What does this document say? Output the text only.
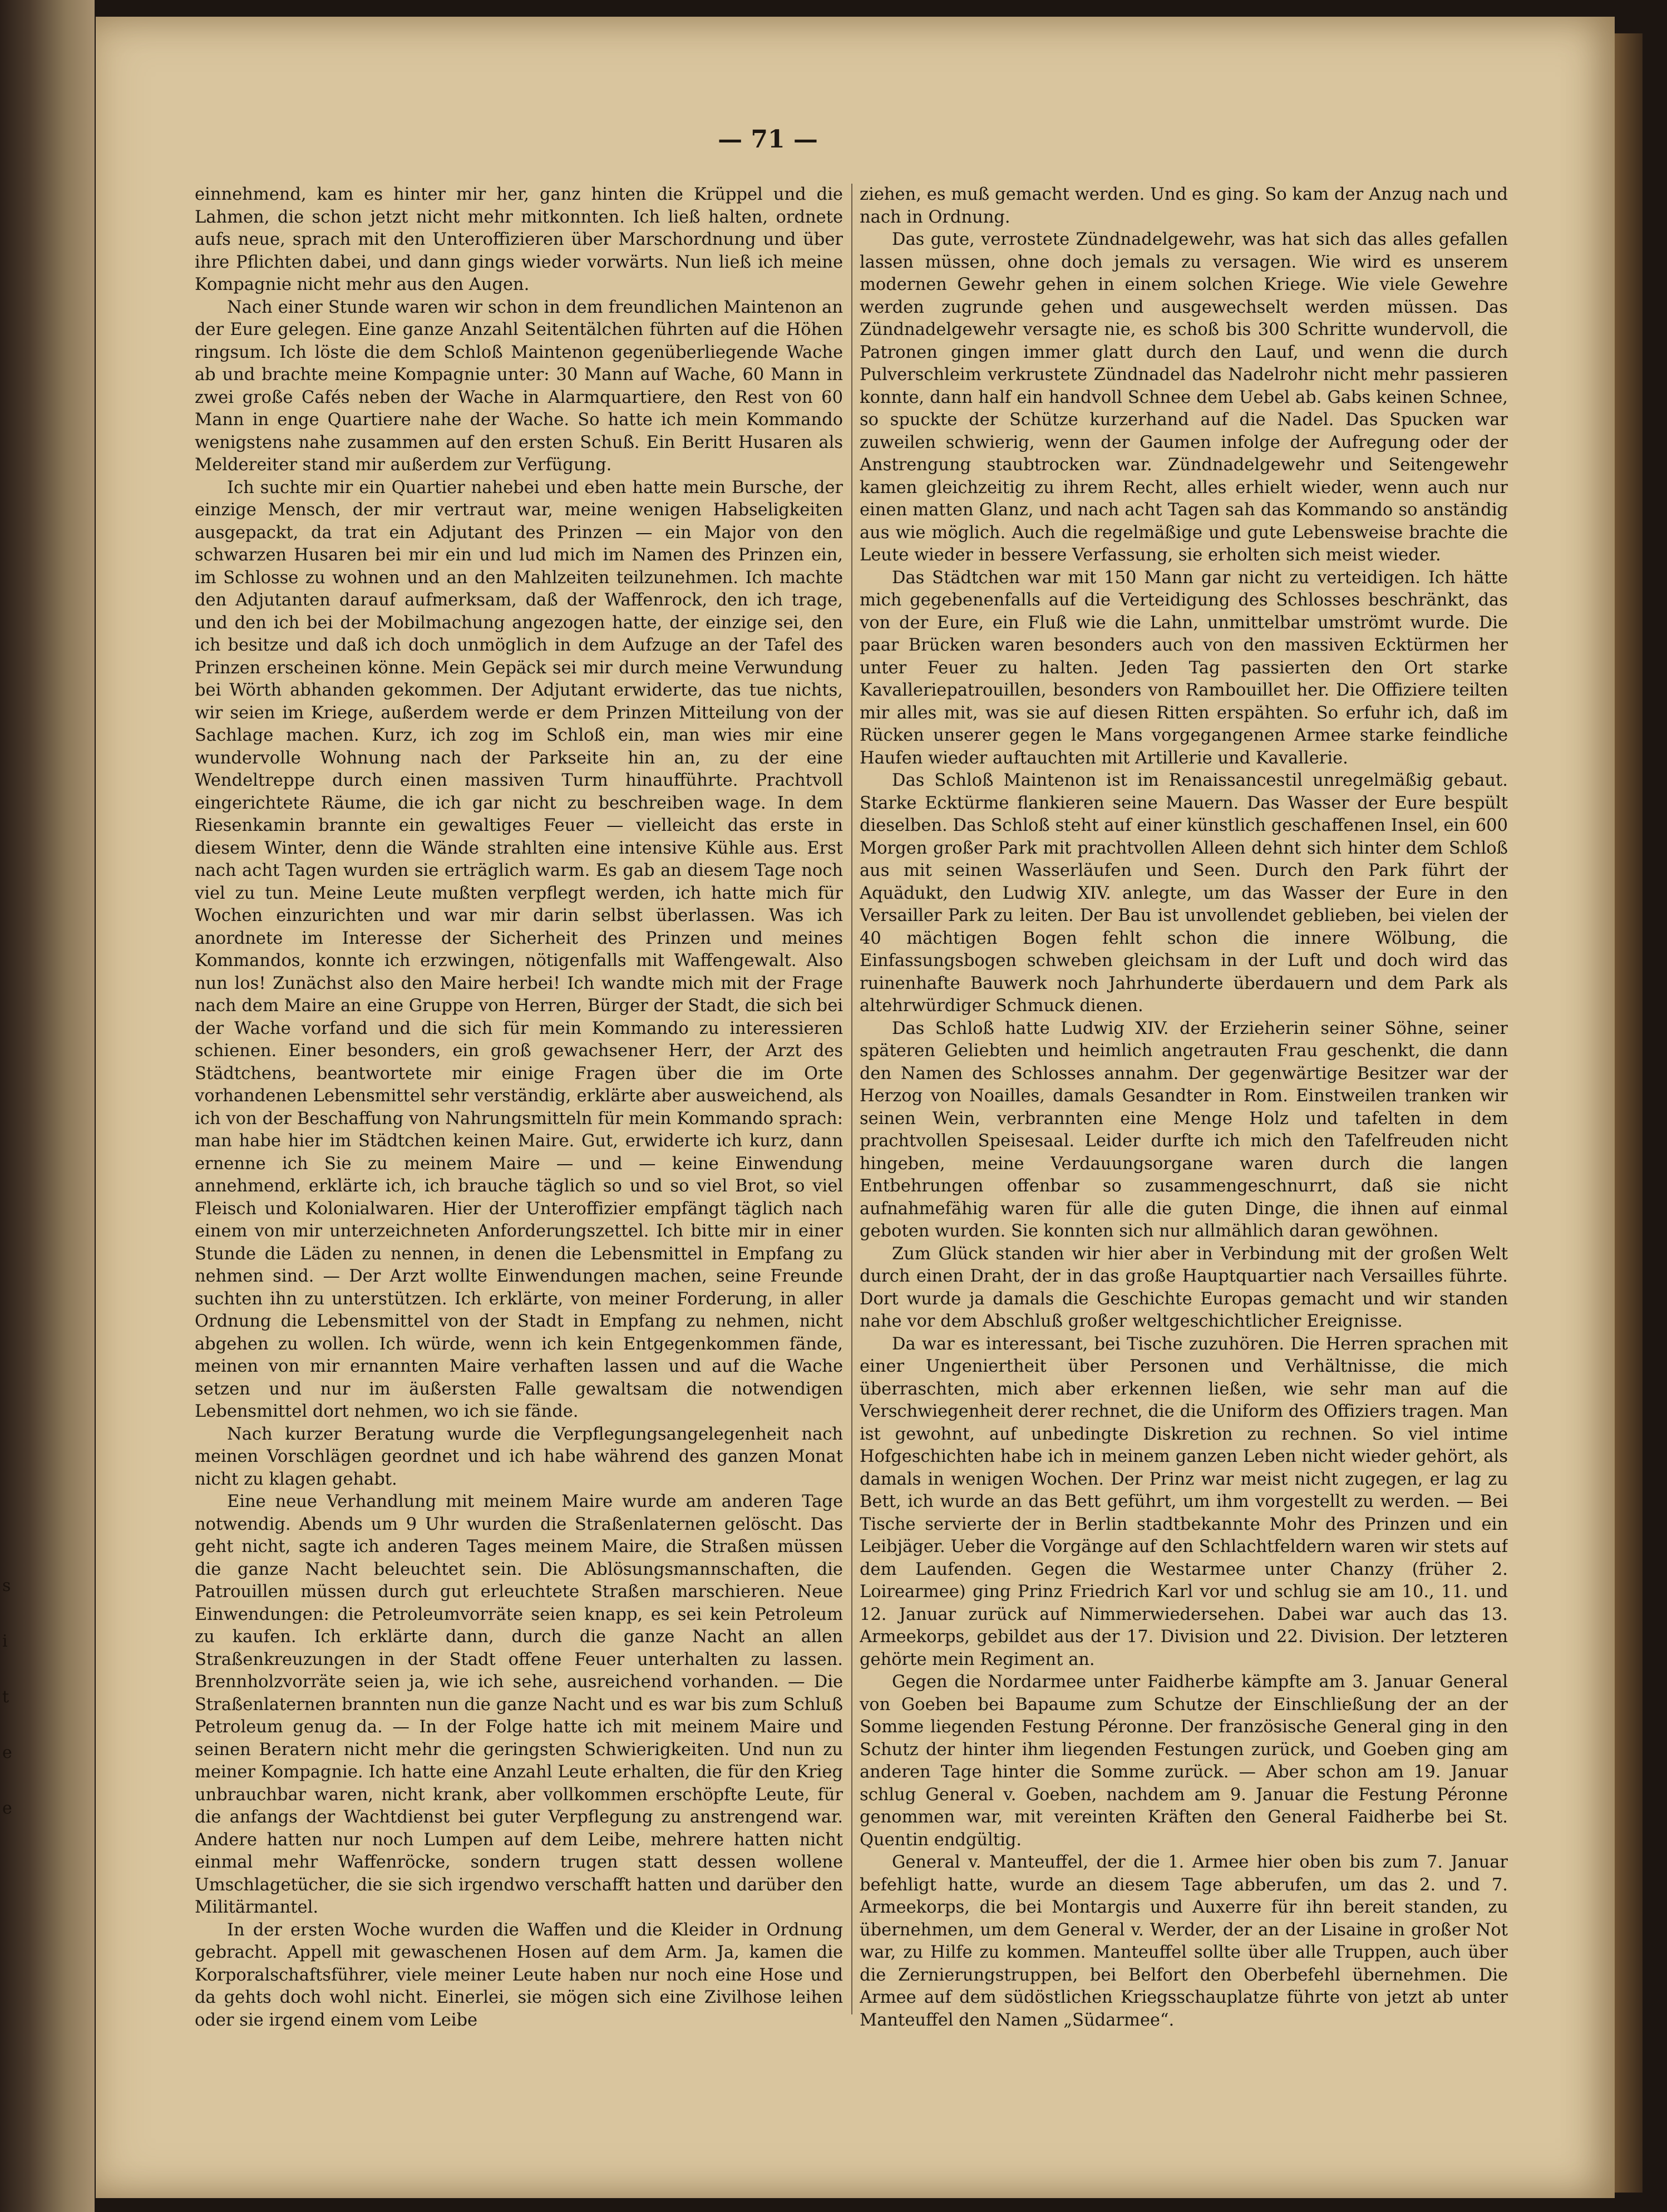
s
i
t
e
e
— 71 —

einnehmend, kam es hinter mir her, ganz hinten die Krüppel und die Lahmen, die schon jetzt nicht mehr mitkonnten. Ich ließ halten, ordnete aufs neue, sprach mit den Unteroffizieren über Marschordnung und über ihre Pflichten dabei, und dann gings wieder vorwärts. Nun ließ ich meine Kompagnie nicht mehr aus den Augen.

Nach einer Stunde waren wir schon in dem freundlichen Maintenon an der Eure gelegen. Eine ganze Anzahl Seitentälchen führten auf die Höhen ringsum. Ich löste die dem Schloß Maintenon gegenüberliegende Wache ab und brachte meine Kompagnie unter: 30 Mann auf Wache, 60 Mann in zwei große Cafés neben der Wache in Alarmquartiere, den Rest von 60 Mann in enge Quartiere nahe der Wache. So hatte ich mein Kommando wenigstens nahe zusammen auf den ersten Schuß. Ein Beritt Husaren als Meldereiter stand mir außerdem zur Verfügung.

Ich suchte mir ein Quartier nahebei und eben hatte mein Bursche, der einzige Mensch, der mir vertraut war, meine wenigen Habseligkeiten ausgepackt, da trat ein Adjutant des Prinzen — ein Major von den schwarzen Husaren bei mir ein und lud mich im Namen des Prinzen ein, im Schlosse zu wohnen und an den Mahlzeiten teilzunehmen. Ich machte den Adjutanten darauf aufmerksam, daß der Waffenrock, den ich trage, und den ich bei der Mobilmachung angezogen hatte, der einzige sei, den ich besitze und daß ich doch unmöglich in dem Aufzuge an der Tafel des Prinzen erscheinen könne. Mein Gepäck sei mir durch meine Verwundung bei Wörth abhanden gekommen. Der Adjutant erwiderte, das tue nichts, wir seien im Kriege, außerdem werde er dem Prinzen Mitteilung von der Sachlage machen. Kurz, ich zog im Schloß ein, man wies mir eine wundervolle Wohnung nach der Parkseite hin an, zu der eine Wendeltreppe durch einen massiven Turm hinaufführte. Prachtvoll eingerichtete Räume, die ich gar nicht zu beschreiben wage. In dem Riesenkamin brannte ein gewaltiges Feuer — vielleicht das erste in diesem Winter, denn die Wände strahlten eine intensive Kühle aus. Erst nach acht Tagen wurden sie erträglich warm. Es gab an diesem Tage noch viel zu tun. Meine Leute mußten verpflegt werden, ich hatte mich für Wochen einzurichten und war mir darin selbst überlassen. Was ich anordnete im Interesse der Sicherheit des Prinzen und meines Kommandos, konnte ich erzwingen, nötigenfalls mit Waffengewalt. Also nun los! Zunächst also den Maire herbei! Ich wandte mich mit der Frage nach dem Maire an eine Gruppe von Herren, Bürger der Stadt, die sich bei der Wache vorfand und die sich für mein Kommando zu interessieren schienen. Einer besonders, ein groß gewachsener Herr, der Arzt des Städtchens, beantwortete mir einige Fragen über die im Orte vorhandenen Lebensmittel sehr verständig, erklärte aber ausweichend, als ich von der Beschaffung von Nahrungsmitteln für mein Kommando sprach: man habe hier im Städtchen keinen Maire. Gut, erwiderte ich kurz, dann ernenne ich Sie zu meinem Maire — und — keine Einwendung annehmend, erklärte ich, ich brauche täglich so und so viel Brot, so viel Fleisch und Kolonialwaren. Hier der Unteroffizier empfängt täglich nach einem von mir unterzeichneten Anforderungszettel. Ich bitte mir in einer Stunde die Läden zu nennen, in denen die Lebensmittel in Empfang zu nehmen sind. — Der Arzt wollte Einwendungen machen, seine Freunde suchten ihn zu unterstützen. Ich erklärte, von meiner Forderung, in aller Ordnung die Lebensmittel von der Stadt in Empfang zu nehmen, nicht abgehen zu wollen. Ich würde, wenn ich kein Entgegenkommen fände, meinen von mir ernannten Maire verhaften lassen und auf die Wache setzen und nur im äußersten Falle gewaltsam die notwendigen Lebensmittel dort nehmen, wo ich sie fände.

Nach kurzer Beratung wurde die Verpflegungsangelegenheit nach meinen Vorschlägen geordnet und ich habe während des ganzen Monat nicht zu klagen gehabt.

Eine neue Verhandlung mit meinem Maire wurde am anderen Tage notwendig. Abends um 9 Uhr wurden die Straßenlaternen gelöscht. Das geht nicht, sagte ich anderen Tages meinem Maire, die Straßen müssen die ganze Nacht beleuchtet sein. Die Ablösungsmannschaften, die Patrouillen müssen durch gut erleuchtete Straßen marschieren. Neue Einwendungen: die Petroleumvorräte seien knapp, es sei kein Petroleum zu kaufen. Ich erklärte dann, durch die ganze Nacht an allen Straßenkreuzungen in der Stadt offene Feuer unterhalten zu lassen. Brennholzvorräte seien ja, wie ich sehe, ausreichend vorhanden. — Die Straßenlaternen brannten nun die ganze Nacht und es war bis zum Schluß Petroleum genug da. — In der Folge hatte ich mit meinem Maire und seinen Beratern nicht mehr die geringsten Schwierigkeiten. Und nun zu meiner Kompagnie. Ich hatte eine Anzahl Leute erhalten, die für den Krieg unbrauchbar waren, nicht krank, aber vollkommen erschöpfte Leute, für die anfangs der Wachtdienst bei guter Verpflegung zu anstrengend war. Andere hatten nur noch Lumpen auf dem Leibe, mehrere hatten nicht einmal mehr Waffenröcke, sondern trugen statt dessen wollene Umschlagetücher, die sie sich irgendwo verschafft hatten und darüber den Militärmantel.

In der ersten Woche wurden die Waffen und die Kleider in Ordnung gebracht. Appell mit gewaschenen Hosen auf dem Arm. Ja, kamen die Korporalschaftsführer, viele meiner Leute haben nur noch eine Hose und da gehts doch wohl nicht. Einerlei, sie mögen sich eine Zivilhose leihen oder sie irgend einem vom Leibe

ziehen, es muß gemacht werden. Und es ging. So kam der Anzug nach und nach in Ordnung.

Das gute, verrostete Zündnadelgewehr, was hat sich das alles gefallen lassen müssen, ohne doch jemals zu versagen. Wie wird es unserem modernen Gewehr gehen in einem solchen Kriege. Wie viele Gewehre werden zugrunde gehen und ausgewechselt werden müssen. Das Zündnadelgewehr versagte nie, es schoß bis 300 Schritte wundervoll, die Patronen gingen immer glatt durch den Lauf, und wenn die durch Pulverschleim verkrustete Zündnadel das Nadelrohr nicht mehr passieren konnte, dann half ein handvoll Schnee dem Uebel ab. Gabs keinen Schnee, so spuckte der Schütze kurzerhand auf die Nadel. Das Spucken war zuweilen schwierig, wenn der Gaumen infolge der Aufregung oder der Anstrengung staubtrocken war. Zündnadelgewehr und Seitengewehr kamen gleichzeitig zu ihrem Recht, alles erhielt wieder, wenn auch nur einen matten Glanz, und nach acht Tagen sah das Kommando so anständig aus wie möglich. Auch die regelmäßige und gute Lebensweise brachte die Leute wieder in bessere Verfassung, sie erholten sich meist wieder.

Das Städtchen war mit 150 Mann gar nicht zu verteidigen. Ich hätte mich gegebenenfalls auf die Verteidigung des Schlosses beschränkt, das von der Eure, ein Fluß wie die Lahn, unmittelbar umströmt wurde. Die paar Brücken waren besonders auch von den massiven Ecktürmen her unter Feuer zu halten. Jeden Tag passierten den Ort starke Kavalleriepatrouillen, besonders von Rambouillet her. Die Offiziere teilten mir alles mit, was sie auf diesen Ritten erspähten. So erfuhr ich, daß im Rücken unserer gegen le Mans vorgegangenen Armee starke feindliche Haufen wieder auftauchten mit Artillerie und Kavallerie.

Das Schloß Maintenon ist im Renaissancestil unregelmäßig gebaut. Starke Ecktürme flankieren seine Mauern. Das Wasser der Eure bespült dieselben. Das Schloß steht auf einer künstlich geschaffenen Insel, ein 600 Morgen großer Park mit prachtvollen Alleen dehnt sich hinter dem Schloß aus mit seinen Wasserläufen und Seen. Durch den Park führt der Aquädukt, den Ludwig XIV. anlegte, um das Wasser der Eure in den Versailler Park zu leiten. Der Bau ist unvollendet geblieben, bei vielen der 40 mächtigen Bogen fehlt schon die innere Wölbung, die Einfassungsbogen schweben gleichsam in der Luft und doch wird das ruinenhafte Bauwerk noch Jahrhunderte überdauern und dem Park als altehrwürdiger Schmuck dienen.

Das Schloß hatte Ludwig XIV. der Erzieherin seiner Söhne, seiner späteren Geliebten und heimlich angetrauten Frau geschenkt, die dann den Namen des Schlosses annahm. Der gegenwärtige Besitzer war der Herzog von Noailles, damals Gesandter in Rom. Einstweilen tranken wir seinen Wein, verbrannten eine Menge Holz und tafelten in dem prachtvollen Speisesaal. Leider durfte ich mich den Tafelfreuden nicht hingeben, meine Verdauungsorgane waren durch die langen Entbehrungen offenbar so zusammengeschnurrt, daß sie nicht aufnahmefähig waren für alle die guten Dinge, die ihnen auf einmal geboten wurden. Sie konnten sich nur allmählich daran gewöhnen.

Zum Glück standen wir hier aber in Verbindung mit der großen Welt durch einen Draht, der in das große Hauptquartier nach Versailles führte. Dort wurde ja damals die Geschichte Europas gemacht und wir standen nahe vor dem Abschluß großer weltgeschichtlicher Ereignisse.

Da war es interessant, bei Tische zuzuhören. Die Herren sprachen mit einer Ungeniertheit über Personen und Verhältnisse, die mich überraschten, mich aber erkennen ließen, wie sehr man auf die Verschwiegenheit derer rechnet, die die Uniform des Offiziers tragen. Man ist gewohnt, auf unbedingte Diskretion zu rechnen. So viel intime Hofgeschichten habe ich in meinem ganzen Leben nicht wieder gehört, als damals in wenigen Wochen. Der Prinz war meist nicht zugegen, er lag zu Bett, ich wurde an das Bett geführt, um ihm vorgestellt zu werden. — Bei Tische servierte der in Berlin stadtbekannte Mohr des Prinzen und ein Leibjäger. Ueber die Vorgänge auf den Schlachtfeldern waren wir stets auf dem Laufenden. Gegen die Westarmee unter Chanzy (früher 2. Loirearmee) ging Prinz Friedrich Karl vor und schlug sie am 10., 11. und 12. Januar zurück auf Nimmerwiedersehen. Dabei war auch das 13. Armeekorps, gebildet aus der 17. Division und 22. Division. Der letzteren gehörte mein Regiment an.

Gegen die Nordarmee unter Faidherbe kämpfte am 3. Januar General von Goeben bei Bapaume zum Schutze der Einschließung der an der Somme liegenden Festung Péronne. Der französische General ging in den Schutz der hinter ihm liegenden Festungen zurück, und Goeben ging am anderen Tage hinter die Somme zurück. — Aber schon am 19. Januar schlug General v. Goeben, nachdem am 9. Januar die Festung Péronne genommen war, mit vereinten Kräften den General Faidherbe bei St. Quentin endgültig.

General v. Manteuffel, der die 1. Armee hier oben bis zum 7. Januar befehligt hatte, wurde an diesem Tage abberufen, um das 2. und 7. Armeekorps, die bei Montargis und Auxerre für ihn bereit standen, zu übernehmen, um dem General v. Werder, der an der Lisaine in großer Not war, zu Hilfe zu kommen. Manteuffel sollte über alle Truppen, auch über die Zernierungstruppen, bei Belfort den Oberbefehl übernehmen. Die Armee auf dem südöstlichen Kriegsschauplatze führte von jetzt ab unter Manteuffel den Namen „Südarmee“.
